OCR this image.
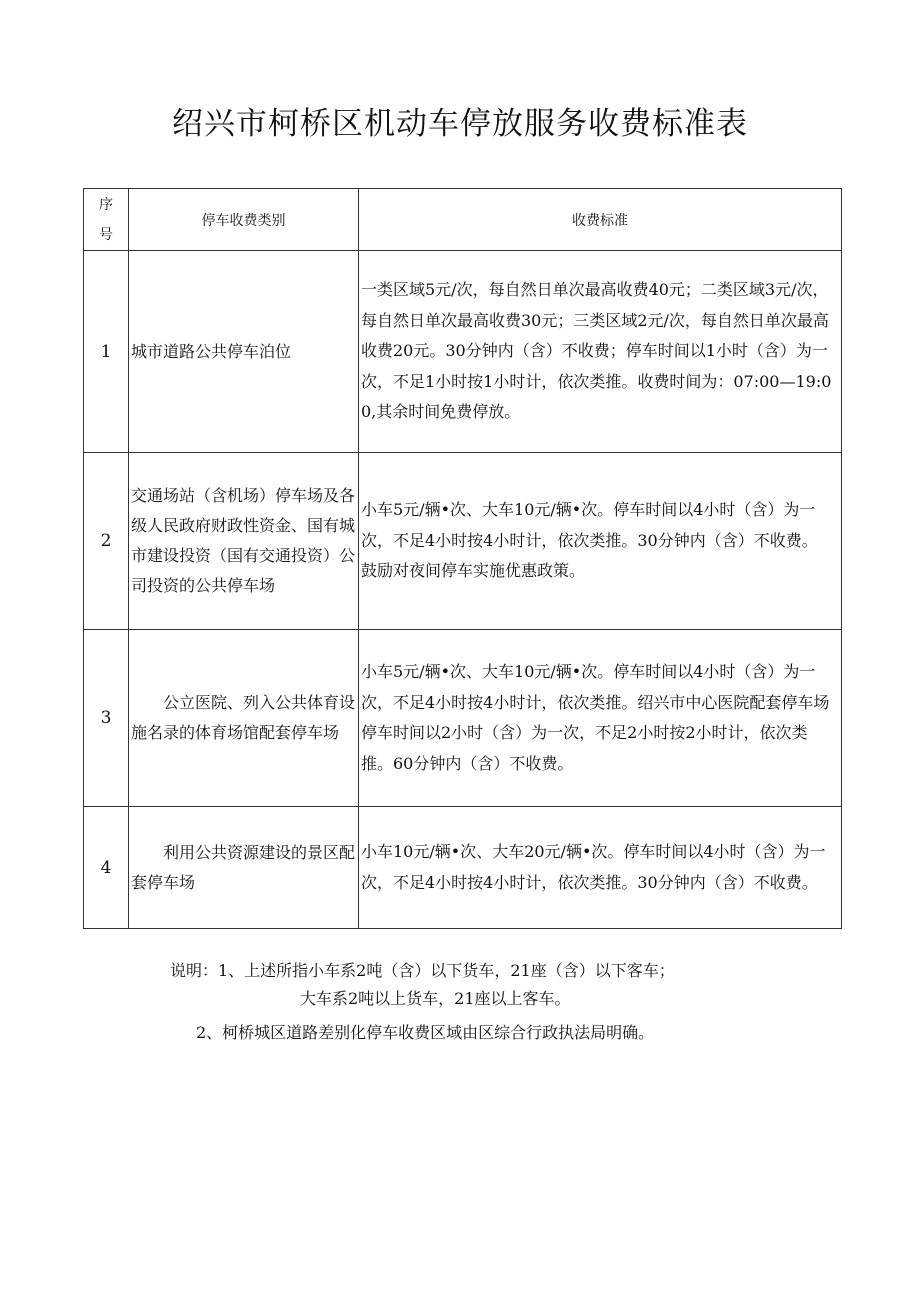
绍兴市柯桥区机动车停放服务收费标准表
序
号	停车收费类别	收费标准
1	城市道路公共停车泊位	一类区域5元/次，每自然日单次最高收费40元；二类区域3元/次，每自然日单次最高收费30元；三类区域2元/次，每自然日单次最高收费20元。30分钟内（含）不收费；停车时间以1小时（含）为一次，不足1小时按1小时计，依次类推。收费时间为：07:00—19:00,其余时间免费停放。
2	交通场站（含机场）停车场及各级人民政府财政性资金、国有城市建设投资（国有交通投资）公司投资的公共停车场	小车5元/辆•次、大车10元/辆•次。停车时间以4小时（含）为一次，不足4小时按4小时计，依次类推。30分钟内（含）不收费。鼓励对夜间停车实施优惠政策。
3	公立医院、列入公共体育设施名录的体育场馆配套停车场	小车5元/辆•次、大车10元/辆•次。停车时间以4小时（含）为一次，不足4小时按4小时计，依次类推。绍兴市中心医院配套停车场停车时间以2小时（含）为一次，不足2小时按2小时计，依次类推。60分钟内（含）不收费。
4	利用公共资源建设的景区配套停车场	小车10元/辆•次、大车20元/辆•次。停车时间以4小时（含）为一次，不足4小时按4小时计，依次类推。30分钟内（含）不收费。
说明：1、上述所指小车系2吨（含）以下货车，21座（含）以下客车；
大车系2吨以上货车，21座以上客车。
2、柯桥城区道路差别化停车收费区域由区综合行政执法局明确。
